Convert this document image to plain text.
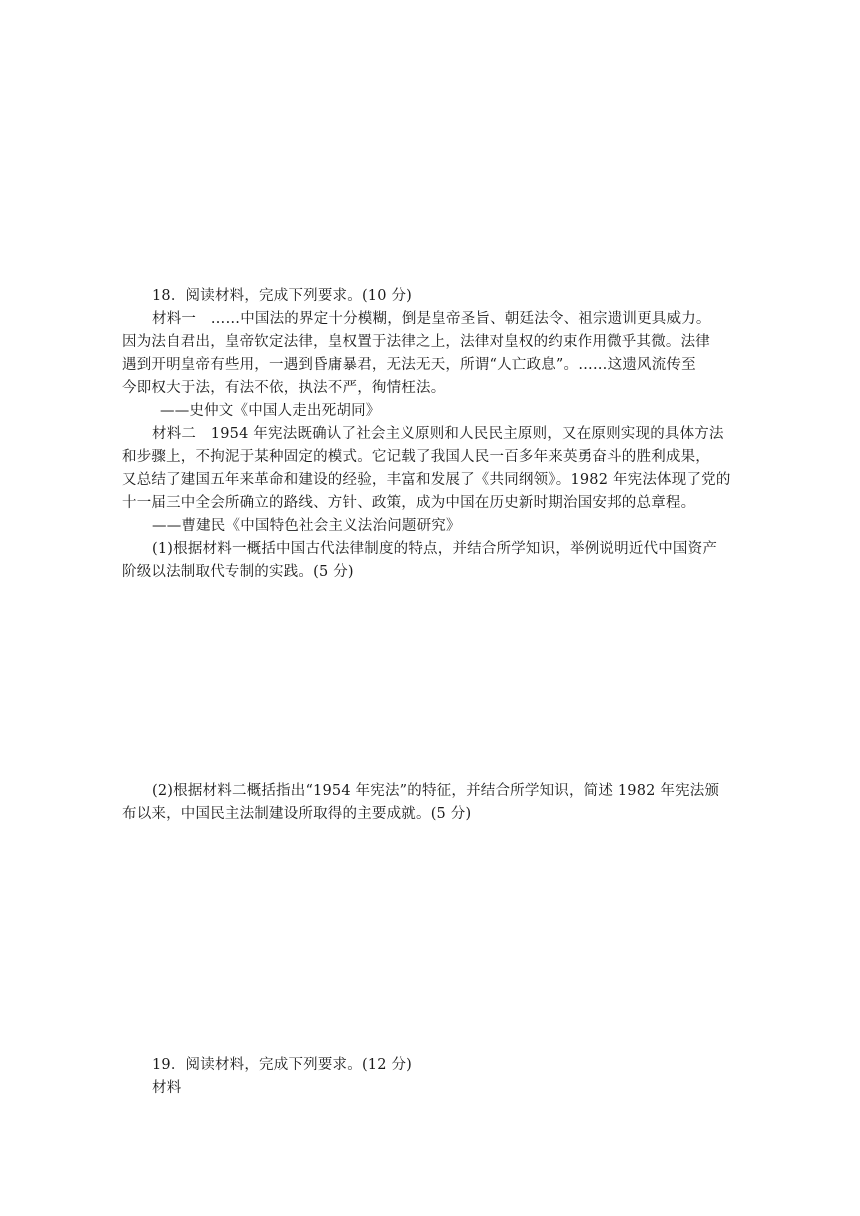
18．阅读材料，完成下列要求。(10 分)
材料一　……中国法的界定十分模糊，倒是皇帝圣旨、朝廷法令、祖宗遗训更具威力。
因为法自君出，皇帝钦定法律，皇权置于法律之上，法律对皇权的约束作用微乎其微。法律
遇到开明皇帝有些用，一遇到昏庸暴君，无法无天，所谓“人亡政息”。……这遗风流传至
今即权大于法，有法不依，执法不严，徇情枉法。
——史仲文《中国人走出死胡同》
材料二　1954 年宪法既确认了社会主义原则和人民民主原则，又在原则实现的具体方法
和步骤上，不拘泥于某种固定的模式。它记载了我国人民一百多年来英勇奋斗的胜利成果，
又总结了建国五年来革命和建设的经验，丰富和发展了《共同纲领》。1982 年宪法体现了党的
十一届三中全会所确立的路线、方针、政策，成为中国在历史新时期治国安邦的总章程。
——曹建民《中国特色社会主义法治问题研究》
(1)根据材料一概括中国古代法律制度的特点，并结合所学知识，举例说明近代中国资产
阶级以法制取代专制的实践。(5 分)
(2)根据材料二概括指出“1954 年宪法”的特征，并结合所学知识，简述 1982 年宪法颁
布以来，中国民主法制建设所取得的主要成就。(5 分)
19．阅读材料，完成下列要求。(12 分)
材料
